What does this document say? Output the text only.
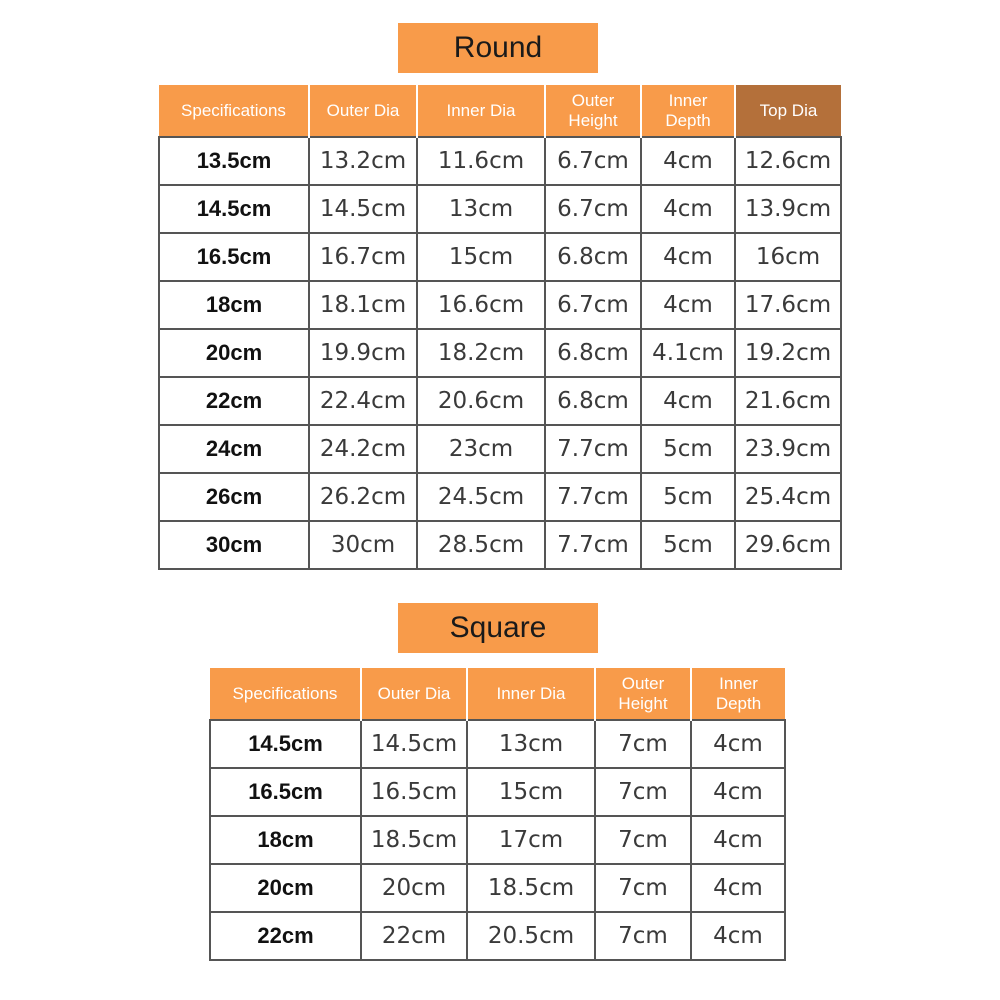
Round
Specifications	Outer Dia	Inner Dia	Outer Height	Inner Depth	Top Dia
13.5cm	13.2cm	11.6cm	6.7cm	4cm	12.6cm
14.5cm	14.5cm	13cm	6.7cm	4cm	13.9cm
16.5cm	16.7cm	15cm	6.8cm	4cm	16cm
18cm	18.1cm	16.6cm	6.7cm	4cm	17.6cm
20cm	19.9cm	18.2cm	6.8cm	4.1cm	19.2cm
22cm	22.4cm	20.6cm	6.8cm	4cm	21.6cm
24cm	24.2cm	23cm	7.7cm	5cm	23.9cm
26cm	26.2cm	24.5cm	7.7cm	5cm	25.4cm
30cm	30cm	28.5cm	7.7cm	5cm	29.6cm
Square
Specifications	Outer Dia	Inner Dia	Outer Height	Inner Depth
14.5cm	14.5cm	13cm	7cm	4cm
16.5cm	16.5cm	15cm	7cm	4cm
18cm	18.5cm	17cm	7cm	4cm
20cm	20cm	18.5cm	7cm	4cm
22cm	22cm	20.5cm	7cm	4cm
